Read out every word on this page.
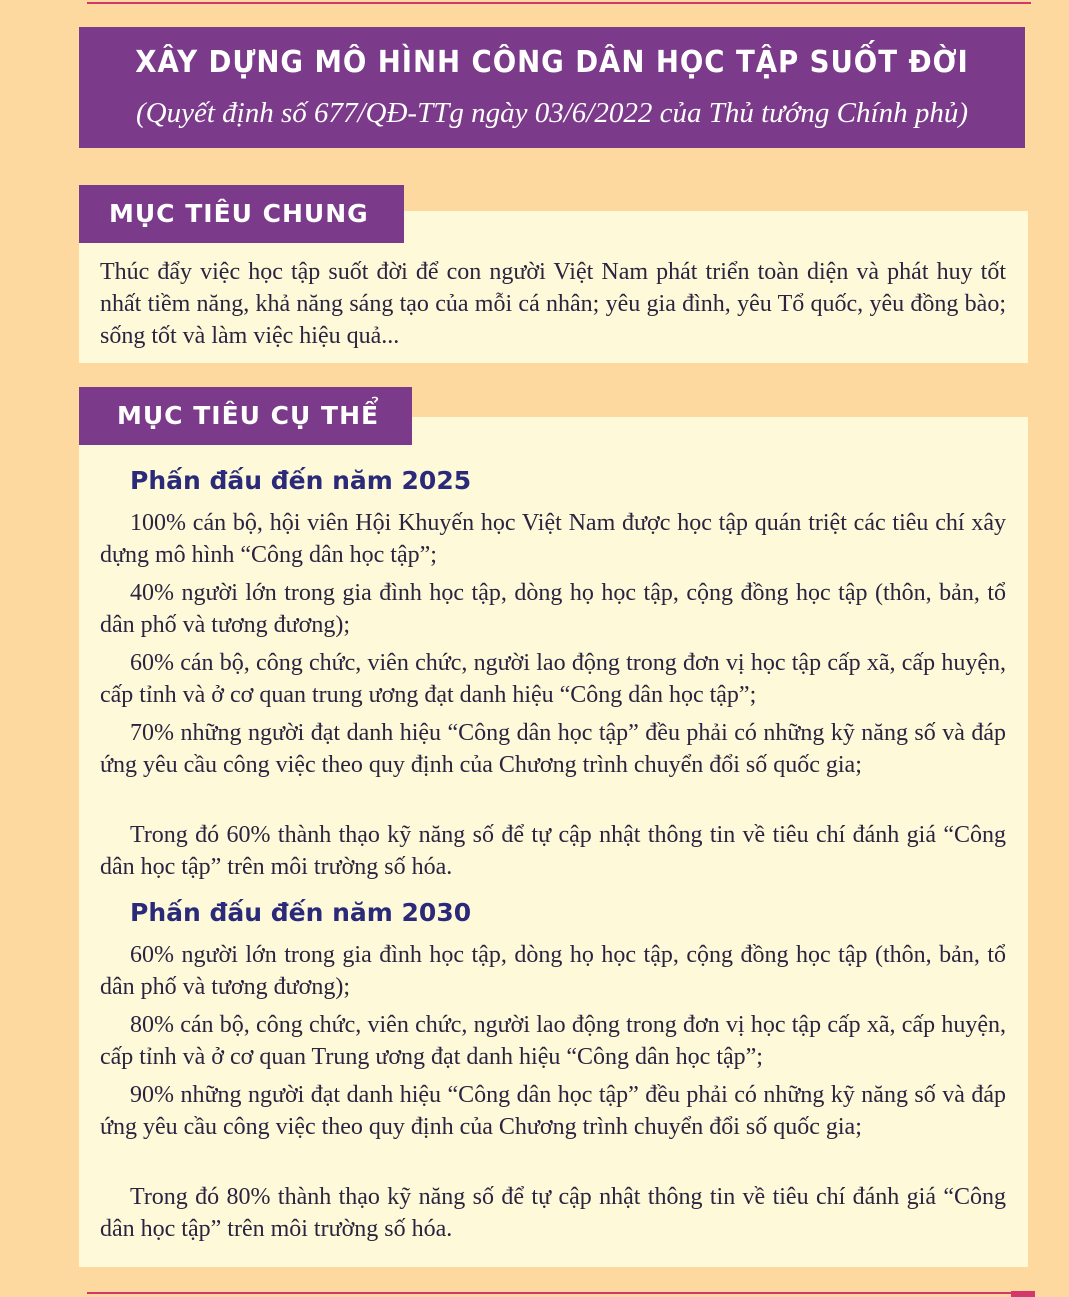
XÂY DỰNG MÔ HÌNH CÔNG DÂN HỌC TẬP SUỐT ĐỜI
(Quyết định số 677/QĐ-TTg ngày 03/6/2022 của Thủ tướng Chính phủ)
MỤC TIÊU CHUNG

Thúc đẩy việc học tập suốt đời để con người Việt Nam phát triển toàn diện và phát huy tốt nhất tiềm năng, khả năng sáng tạo của mỗi cá nhân; yêu gia đình, yêu Tổ quốc, yêu đồng bào; sống tốt và làm việc hiệu quả...

MỤC TIÊU CỤ THỂ
Phấn đấu đến năm 2025

100% cán bộ, hội viên Hội Khuyến học Việt Nam được học tập quán triệt các tiêu chí xây dựng mô hình “Công dân học tập”;

40% người lớn trong gia đình học tập, dòng họ học tập, cộng đồng học tập (thôn, bản, tổ dân phố và tương đương);

60% cán bộ, công chức, viên chức, người lao động trong đơn vị học tập cấp xã, cấp huyện, cấp tỉnh và ở cơ quan trung ương đạt danh hiệu “Công dân học tập”;

70% những người đạt danh hiệu “Công dân học tập” đều phải có những kỹ năng số và đáp ứng yêu cầu công việc theo quy định của Chương trình chuyển đổi số quốc gia;

Trong đó 60% thành thạo kỹ năng số để tự cập nhật thông tin về tiêu chí đánh giá “Công dân học tập” trên môi trường số hóa.

Phấn đấu đến năm 2030

60% người lớn trong gia đình học tập, dòng họ học tập, cộng đồng học tập (thôn, bản, tổ dân phố và tương đương);

80% cán bộ, công chức, viên chức, người lao động trong đơn vị học tập cấp xã, cấp huyện, cấp tỉnh và ở cơ quan Trung ương đạt danh hiệu “Công dân học tập”;

90% những người đạt danh hiệu “Công dân học tập” đều phải có những kỹ năng số và đáp ứng yêu cầu công việc theo quy định của Chương trình chuyển đổi số quốc gia;

Trong đó 80% thành thạo kỹ năng số để tự cập nhật thông tin về tiêu chí đánh giá “Công dân học tập” trên môi trường số hóa.
